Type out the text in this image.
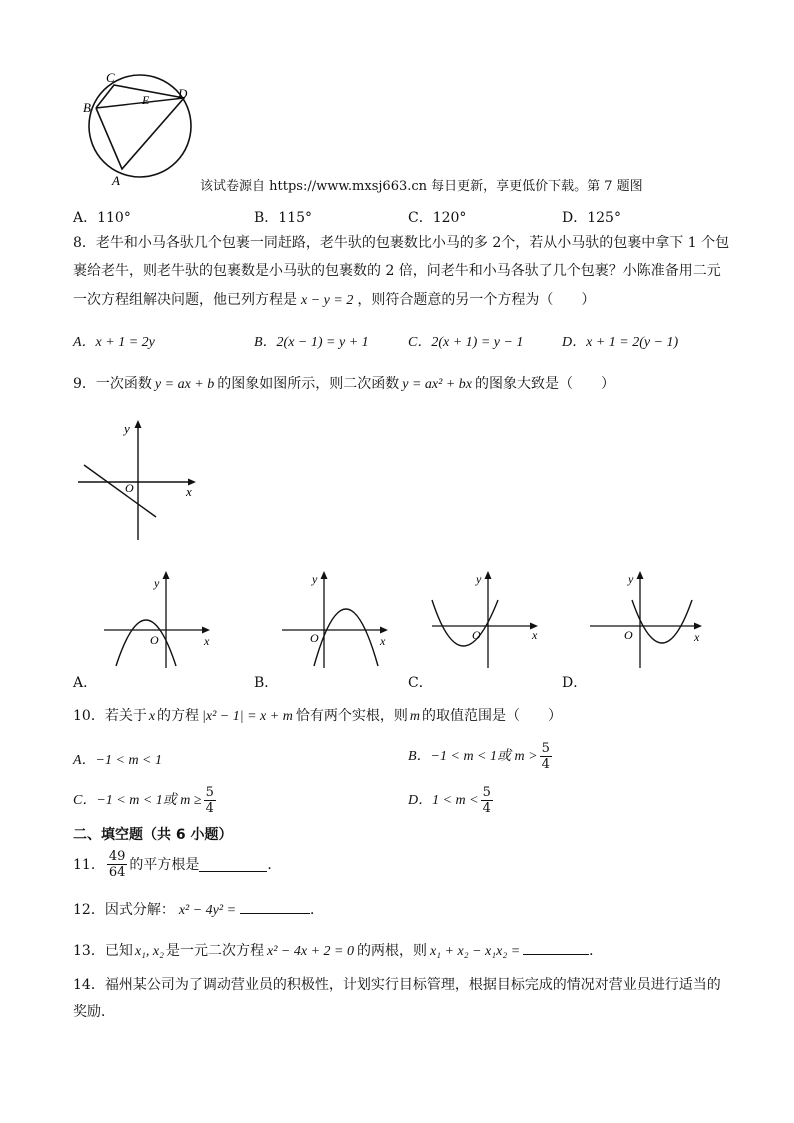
C
B	E D
A	该试卷源自 https://www.mxsj663.cn 每日更新，享更低价下载。第 7 题图
A．110°	B．115°	C．120°	D．125°
8．老牛和小马各驮几个包裹一同赶路，老牛驮的包裹数比小马的多 2个，若从小马驮的包裹中拿下 1 个包
裹给老牛，则老牛驮的包裹数是小马驮的包裹数的 2 倍，问老牛和小马各驮了几个包裹？小陈准备用二元
一次方程组解决问题，他已列方程是 x − y = 2 ，则符合题意的另一个方程为（　　）
A．x + 1 = 2y	B．2(x − 1) = y + 1	C．2(x + 1) = y − 1	D．x + 1 = 2(y − 1)
9．一次函数 y = ax + b 的图象如图所示，则二次函数 y = ax² + bx 的图象大致是（　　）
x
y
O
x
y
O	x
y
O	x
y
O	x
y
O
A．	B．	C．	D．
10．若关于 x 的方程 |x² − 1| = x + m 恰有两个实根，则 m 的取值范围是（　　）
A．−1 < m < 1	B．−1 < m < 1或 $m > \frac{5}{4}$
C．−1 < m < 1或 $m \ge \frac{5}{4}$	D．$1 < m < \frac{5}{4}$
二、填空题（共 6 小题）
11． $\frac{49}{64}$ 的平方根是	．
12．因式分解： x² − 4y² =	．
13．已知 x₁, x₂ 是一元二次方程 x² − 4x + 2 = 0 的两根，则 x₁ + x₂ − x₁x₂ =	．
14．福州某公司为了调动营业员的积极性，计划实行目标管理，根据目标完成的情况对营业员进行适当的
奖励．
